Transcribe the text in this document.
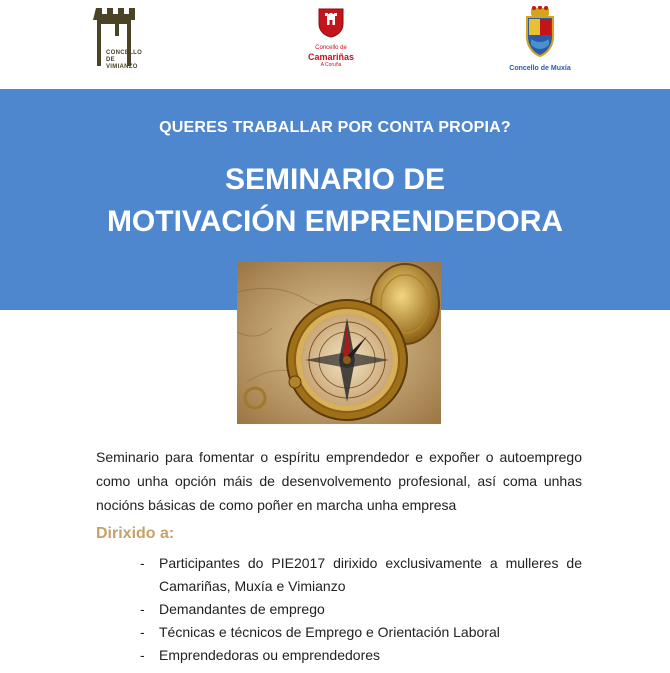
CONCELLO DE VIMIANZO
Concello de
Camariñas
A Coruña	Concello de Muxía
QUERES TRABALLAR POR CONTA PROPIA?
SEMINARIO DE
MOTIVACIÓN EMPRENDEDORA
Seminario para fomentar o espíritu emprendedor e expoñer o autoemprego como unha opción máis de desenvolvemento profesional, así coma unhas nocións básicas de como poñer en marcha unha empresa
Dirixido a:
- Participantes do PIE2017 dirixido exclusivamente a mulleres de Camariñas, Muxía e Vimianzo
- Demandantes de emprego
- Técnicas e técnicos de Emprego e Orientación Laboral
- Emprendedoras ou emprendedores
